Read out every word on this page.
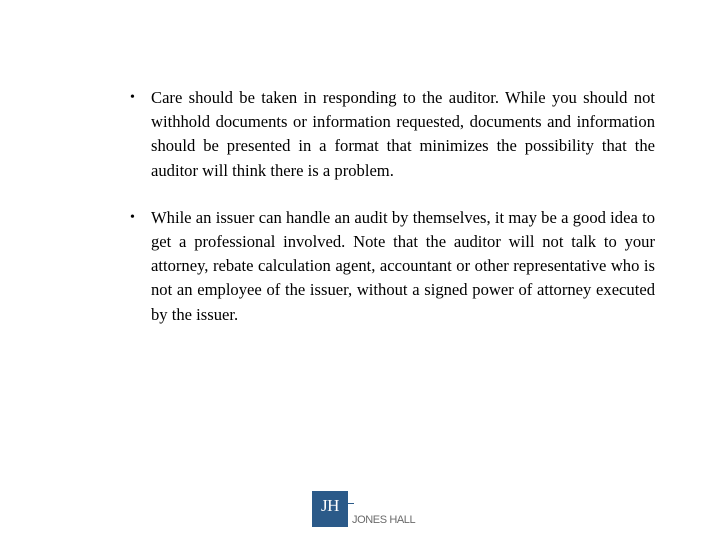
• Care should be taken in responding to the auditor. While you should not withhold documents or information requested, documents and information should be presented in a format that minimizes the possibility that the auditor will think there is a problem.
• While an issuer can handle an audit by themselves, it may be a good idea to get a professional involved. Note that the auditor will not talk to your attorney, rebate calculation agent, accountant or other representative who is not an employee of the issuer, without a signed power of attorney executed by the issuer.
JH
JONES HALL
